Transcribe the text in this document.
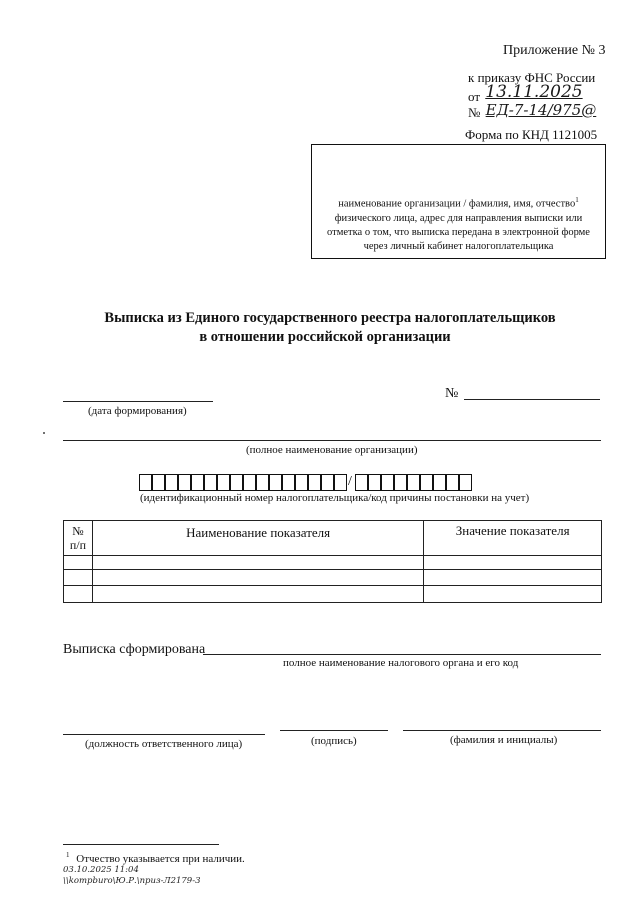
Приложение № 3
к приказу ФНС России
от 13.11.2025
№ ЕД-7-14/975@
Форма по КНД 1121005
наименование организации / фамилия, имя, отчество$^1$ физического лица, адрес для направления выписки или отметка о том, что выписка передана в электронной форме через личный кабинет налогоплательщика
Выписка из Единого государственного реестра налогоплательщиков
в отношении российской организации
(дата формирования)
№
(полное наименование организации)
/
(идентификационный номер налогоплательщика/код причины постановки на учет)
№
п/п	Наименование показателя	Значение показателя

Выписка сформирована
полное наименование налогового органа и его код
(должность ответственного лица)	(подпись)	(фамилия и инициалы)
$^1$ Отчество указывается при наличии.
03.10.2025 11:04
\\kompburo\Ю.Р.\приз-Л2179-3
